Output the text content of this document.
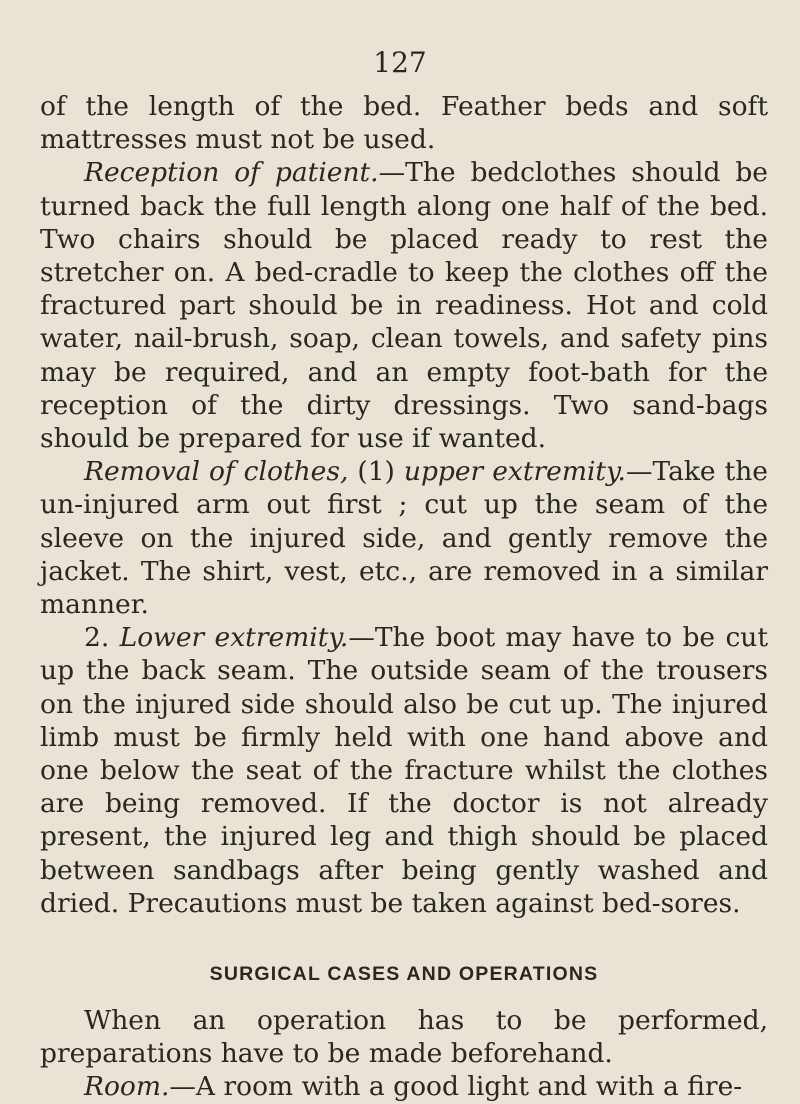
127

of the length of the bed. Feather beds and soft mattresses must not be used.

Reception of patient.—The bedclothes should be turned back the full length along one half of the bed. Two chairs should be placed ready to rest the stretcher on. A bed-cradle to keep the clothes off the fractured part should be in readiness. Hot and cold water, nail-brush, soap, clean towels, and safety pins may be required, and an empty foot-bath for the reception of the dirty dressings. Two sand-bags should be prepared for use if wanted.

Removal of clothes, (1) upper extremity.—Take the un-injured arm out first ; cut up the seam of the sleeve on the injured side, and gently remove the jacket. The shirt, vest, etc., are removed in a similar manner.

2. Lower extremity.—The boot may have to be cut up the back seam. The outside seam of the trousers on the injured side should also be cut up. The injured limb must be firmly held with one hand above and one below the seat of the fracture whilst the clothes are being removed. If the doctor is not already present, the injured leg and thigh should be placed between sandbags after being gently washed and dried. Precautions must be taken against bed-sores.

SURGICAL CASES AND OPERATIONS

When an operation has to be performed, preparations have to be made beforehand.

Room.—A room with a good light and with a fire-
